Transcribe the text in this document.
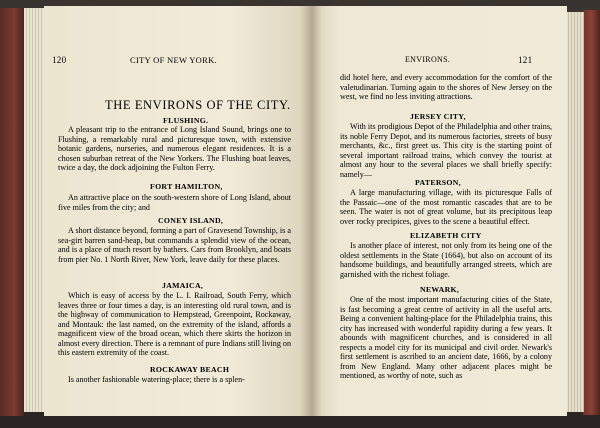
120	CITY OF NEW YORK.
THE ENVIRONS OF THE CITY.
FLUSHING.
A pleasant trip to the entrance of Long Island Sound, brings one to Flushing, a remarkably rural and picturesque town, with extensive botanic gardens, nurseries, and numerous elegant residences. It is a chosen suburban retreat of the New Yorkers. The Flushing boat leaves, twice a day, the dock adjoining the Fulton Ferry.
FORT HAMILTON,
An attractive place on the south-western shore of Long Island, about five miles from the city; and
CONEY ISLAND,
A short distance beyond, forming a part of Gravesend Township, is a sea-girt barren sand-heap, but commands a splendid view of the ocean, and is a place of much resort by bathers. Cars from Brooklyn, and boats from pier No. 1 North River, New York, leave daily for these places.
JAMAICA,
Which is easy of access by the L. I. Railroad, South Ferry, which leaves three or four times a day, is an interesting old rural town, and is the highway of communication to Hempstead, Greenpoint, Rockaway, and Montauk: the last named, on the extremity of the island, affords a magnificent view of the broad ocean, which there skirts the horizon in almost every direction. There is a remnant of pure Indians still living on this eastern extremity of the coast.
ROCKAWAY BEACH
Is another fashionable watering-place; there is a splen-
ENVIRONS.	121
did hotel here, and every accommodation for the comfort of the valetudinarian. Turning again to the shores of New Jersey on the west, we find no less inviting attractions.
JERSEY CITY,
With its prodigious Depot of the Philadelphia and other trains, its noble Ferry Depot, and its numerous factories, streets of busy merchants, &c., first greet us. This city is the starting point of several important railroad trains, which convey the tourist at almost any hour to the several places we shall briefly specify: namely—
PATERSON,
A large manufacturing village, with its picturesque Falls of the Passaic—one of the most romantic cascades that are to be seen. The water is not of great volume, but its precipitous leap over rocky precipices, gives to the scene a beautiful effect.
ELIZABETH CITY
Is another place of interest, not only from its being one of the oldest settlements in the State (1664), but also on account of its handsome buildings, and beautifully arranged streets, which are garnished with the richest foliage.
NEWARK,
One of the most important manufacturing cities of the State, is fast becoming a great centre of activity in all the useful arts. Being a convenient halting-place for the Philadelphia trains, this city has increased with wonderful rapidity during a few years. It abounds with magnificent churches, and is considered in all respects a model city for its municipal and civil order. Newark's first settlement is ascribed to an ancient date, 1666, by a colony from New England. Many other adjacent places might be mentioned, as worthy of note, such as
